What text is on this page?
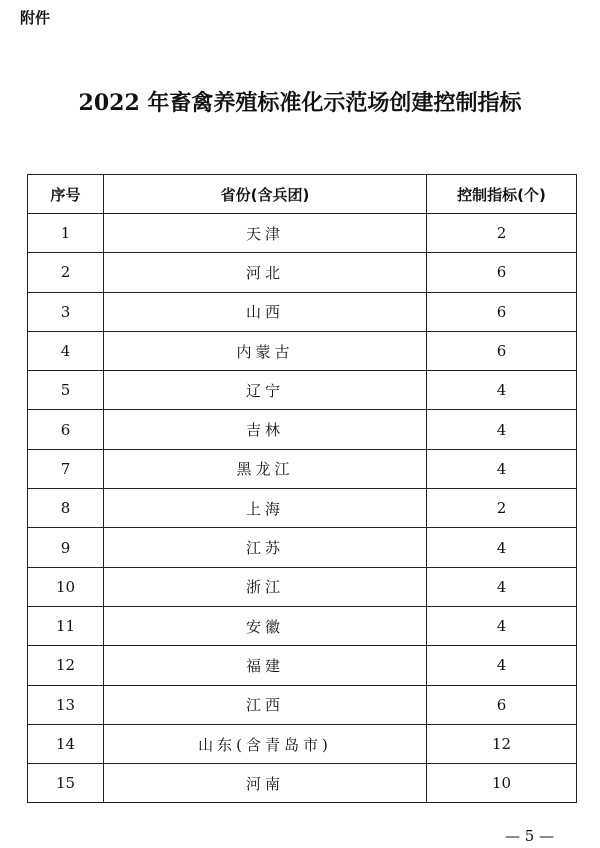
附件
2022 年畜禽养殖标准化示范场创建控制指标
序号	省份(含兵团)	控制指标(个)
1	天津	2
2	河北	6
3	山西	6
4	内蒙古	6
5	辽宁	4
6	吉林	4
7	黑龙江	4
8	上海	2
9	江苏	4
10	浙江	4
11	安徽	4
12	福建	4
13	江西	6
14	山东(含青岛市)	12
15	河南	10
— 5 —
